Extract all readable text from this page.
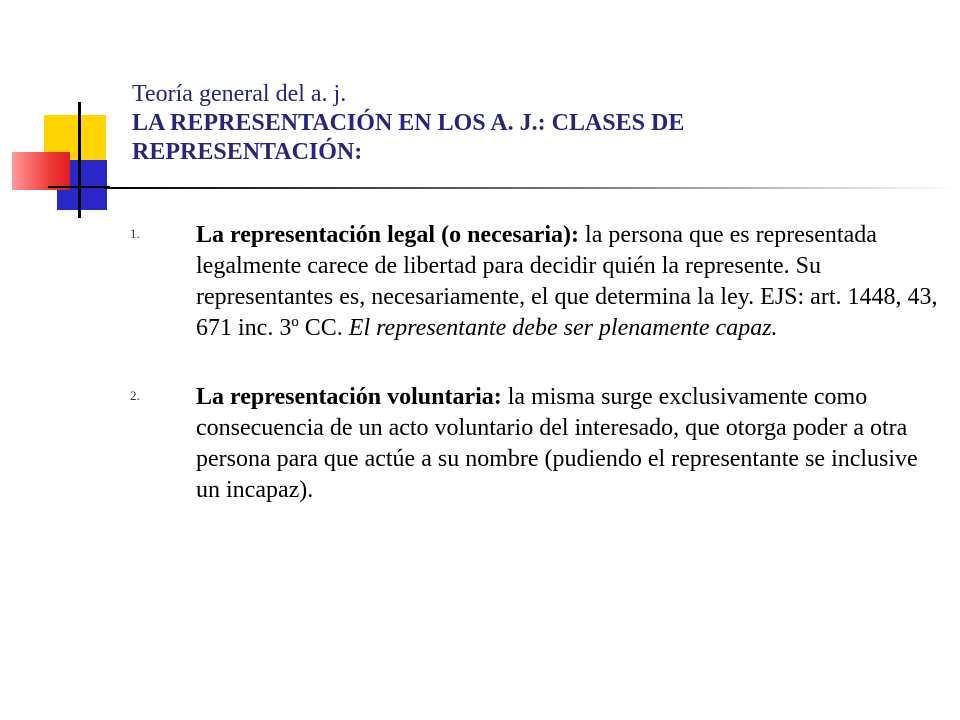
Teoría general del a. j.
LA REPRESENTACIÓN EN LOS A. J.: CLASES DE REPRESENTACIÓN:
1. La representación legal (o necesaria): la persona que es representada legalmente carece de libertad para decidir quién la represente. Su representantes es, necesariamente, el que determina la ley. EJS: art. 1448, 43, 671 inc. 3º CC. El representante debe ser plenamente capaz.
2. La representación voluntaria: la misma surge exclusivamente como consecuencia de un acto voluntario del interesado, que otorga poder a otra persona para que actúe a su nombre (pudiendo el representante se inclusive un incapaz).
